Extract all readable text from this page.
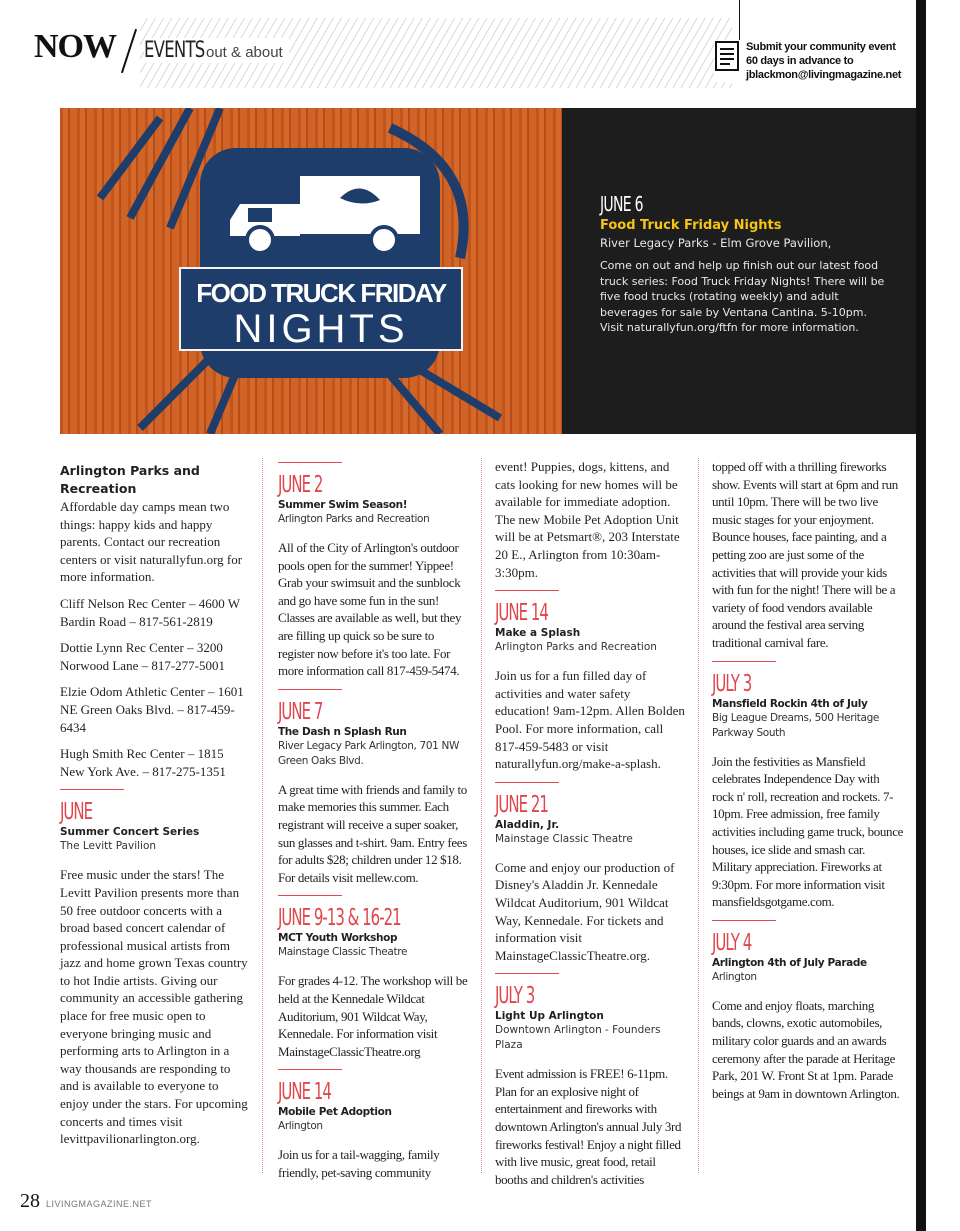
NOW EVENTSout & about	Submit your community event
60 days in advance to
jblackmon@livingmagazine.net
FOOD TRUCK FRIDAY
NIGHTS
JUNE 6
Food Truck Friday Nights
River Legacy Parks - Elm Grove Pavilion,
Come on out and help up finish out our latest food truck series: Food Truck Friday Nights! There will be five food trucks (rotating weekly) and adult beverages for sale by Ventana Cantina. 5-10pm. Visit naturallyfun.org/ftfn for more information.
Arlington Parks and Recreation

Affordable day camps mean two things: happy kids and happy parents. Contact our recreation centers or visit naturallyfun.org for more information.

Cliff Nelson Rec Center – 4600 W Bardin Road – 817-561-2819

Dottie Lynn Rec Center – 3200 Norwood Lane – 817-277-5001

Elzie Odom Athletic Center – 1601 NE Green Oaks Blvd. – 817-459-6434

Hugh Smith Rec Center – 1815 New York Ave. – 817-275-1351

JUNE
Summer Concert Series
The Levitt Pavilion

Free music under the stars! The Levitt Pavilion presents more than 50 free outdoor concerts with a broad based concert calendar of professional musical artists from jazz and home grown Texas country to hot Indie artists. Giving our community an accessible gathering place for free music open to everyone bringing music and performing arts to Arlington in a way thousands are responding to and is available to everyone to enjoy under the stars. For upcoming concerts and times visit levittpavilionarlington.org.

JUNE 2
Summer Swim Season!
Arlington Parks and Recreation

All of the City of Arlington's outdoor pools open for the summer! Yippee! Grab your swimsuit and the sunblock and go have some fun in the sun! Classes are available as well, but they are filling up quick so be sure to register now before it's too late. For more information call 817-459-5474.

JUNE 7
The Dash n Splash Run
River Legacy Park Arlington, 701 NW Green Oaks Blvd.

A great time with friends and family to make memories this summer. Each registrant will receive a super soaker, sun glasses and t-shirt. 9am. Entry fees for adults $28; children under 12 $18. For details visit mellew.com.

JUNE 9-13 & 16-21
MCT Youth Workshop
Mainstage Classic Theatre

For grades 4-12. The workshop will be held at the Kennedale Wildcat Auditorium, 901 Wildcat Way, Kennedale. For information visit MainstageClassicTheatre.org

JUNE 14
Mobile Pet Adoption
Arlington

Join us for a tail-wagging, family friendly, pet-saving community

event! Puppies, dogs, kittens, and cats looking for new homes will be available for immediate adoption. The new Mobile Pet Adoption Unit will be at Petsmart®, 203 Interstate 20 E., Arlington from 10:30am-3:30pm.

JUNE 14
Make a Splash
Arlington Parks and Recreation

Join us for a fun filled day of activities and water safety education! 9am-12pm. Allen Bolden Pool. For more information, call 817-459-5483 or visit naturallyfun.org/make-a-splash.

JUNE 21
Aladdin, Jr.
Mainstage Classic Theatre

Come and enjoy our production of Disney's Aladdin Jr. Kennedale Wildcat Auditorium, 901 Wildcat Way, Kennedale. For tickets and information visit MainstageClassicTheatre.org.

JULY 3
Light Up Arlington
Downtown Arlington - Founders Plaza

Event admission is FREE! 6-11pm. Plan for an explosive night of entertainment and fireworks with downtown Arlington's annual July 3rd fireworks festival! Enjoy a night filled with live music, great food, retail booths and children's activities

topped off with a thrilling fireworks show. Events will start at 6pm and run until 10pm. There will be two live music stages for your enjoyment. Bounce houses, face painting, and a petting zoo are just some of the activities that will provide your kids with fun for the night! There will be a variety of food vendors available around the festival area serving traditional carnival fare.

JULY 3
Mansfield Rockin 4th of July
Big League Dreams, 500 Heritage Parkway South

Join the festivities as Mansfield celebrates Independence Day with rock n' roll, recreation and rockets. 7-10pm. Free admission, free family activities including game truck, bounce houses, ice slide and smash car. Military appreciation. Fireworks at 9:30pm. For more information visit mansfieldsgotgame.com.

JULY 4
Arlington 4th of July Parade
Arlington

Come and enjoy floats, marching bands, clowns, exotic automobiles, military color guards and an awards ceremony after the parade at Heritage Park, 201 W. Front St at 1pm. Parade beings at 9am in downtown Arlington.

28 LIVINGMAGAZINE.NET
